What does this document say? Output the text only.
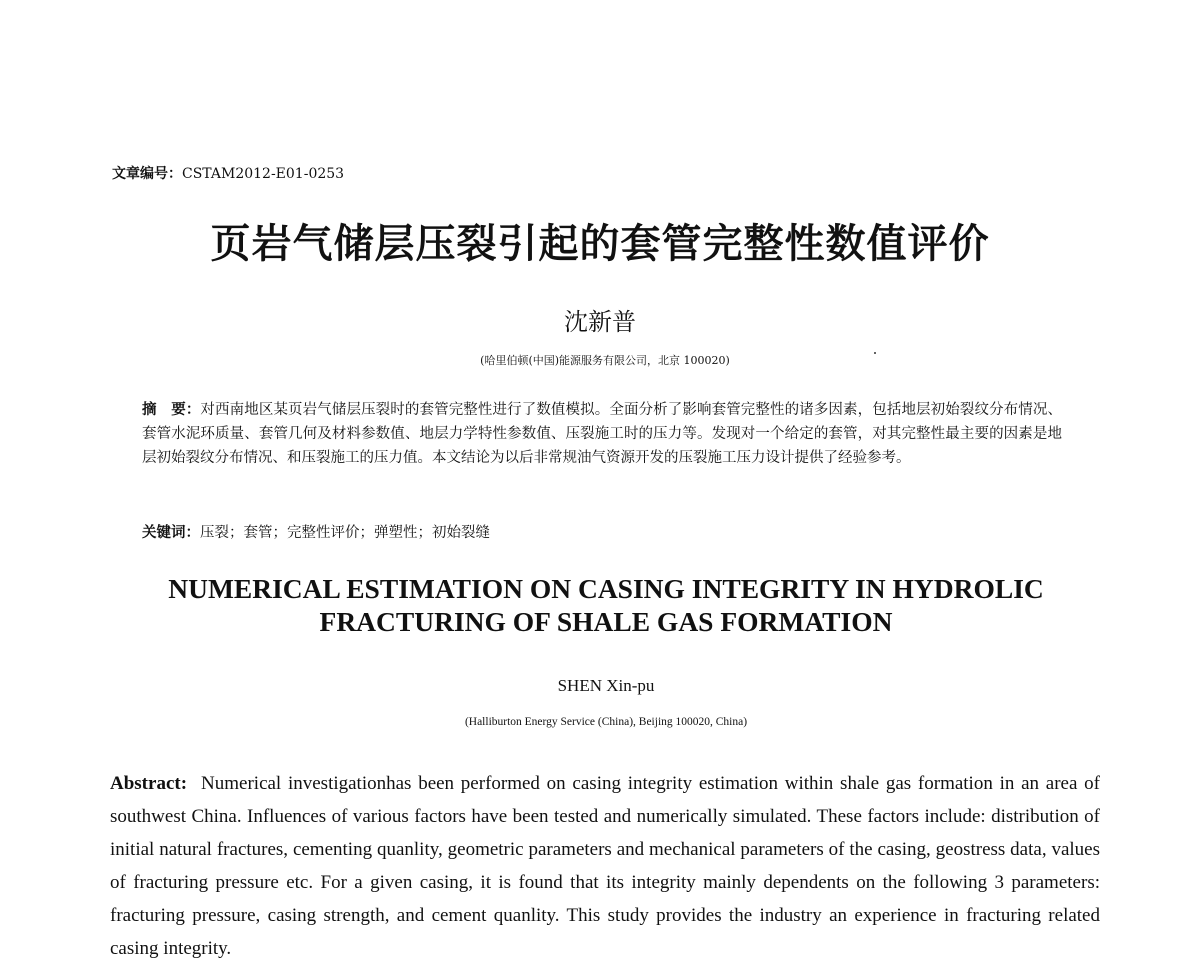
文章编号：CSTAM2012-E01-0253
页岩气储层压裂引起的套管完整性数值评价
沈新普
(哈里伯顿(中国)能源服务有限公司，北京 100020)
摘　要：对西南地区某页岩气储层压裂时的套管完整性进行了数值模拟。全面分析了影响套管完整性的诸多因素，包括地层初始裂纹分布情况、套管水泥环质量、套管几何及材料参数值、地层力学特性参数值、压裂施工时的压力等。发现对一个给定的套管，对其完整性最主要的因素是地层初始裂纹分布情况、和压裂施工的压力值。本文结论为以后非常规油气资源开发的压裂施工压力设计提供了经验参考。
关键词：压裂；套管；完整性评价；弹塑性；初始裂缝
NUMERICAL ESTIMATION ON CASING INTEGRITY IN HYDROLIC
FRACTURING OF SHALE GAS FORMATION
SHEN Xin-pu
(Halliburton Energy Service (China), Beijing 100020, China)
Abstract: Numerical investigationhas been performed on casing integrity estimation within shale gas formation in an area of southwest China. Influences of various factors have been tested and numerically simulated. These factors include: distribution of initial natural fractures, cementing quanlity, geometric parameters and mechanical parameters of the casing, geostress data, values of fracturing pressure etc. For a given casing, it is found that its integrity mainly dependents on the following 3 parameters: fracturing pressure, casing strength, and cement quanlity. This study provides the industry an experience in fracturing related casing integrity.
